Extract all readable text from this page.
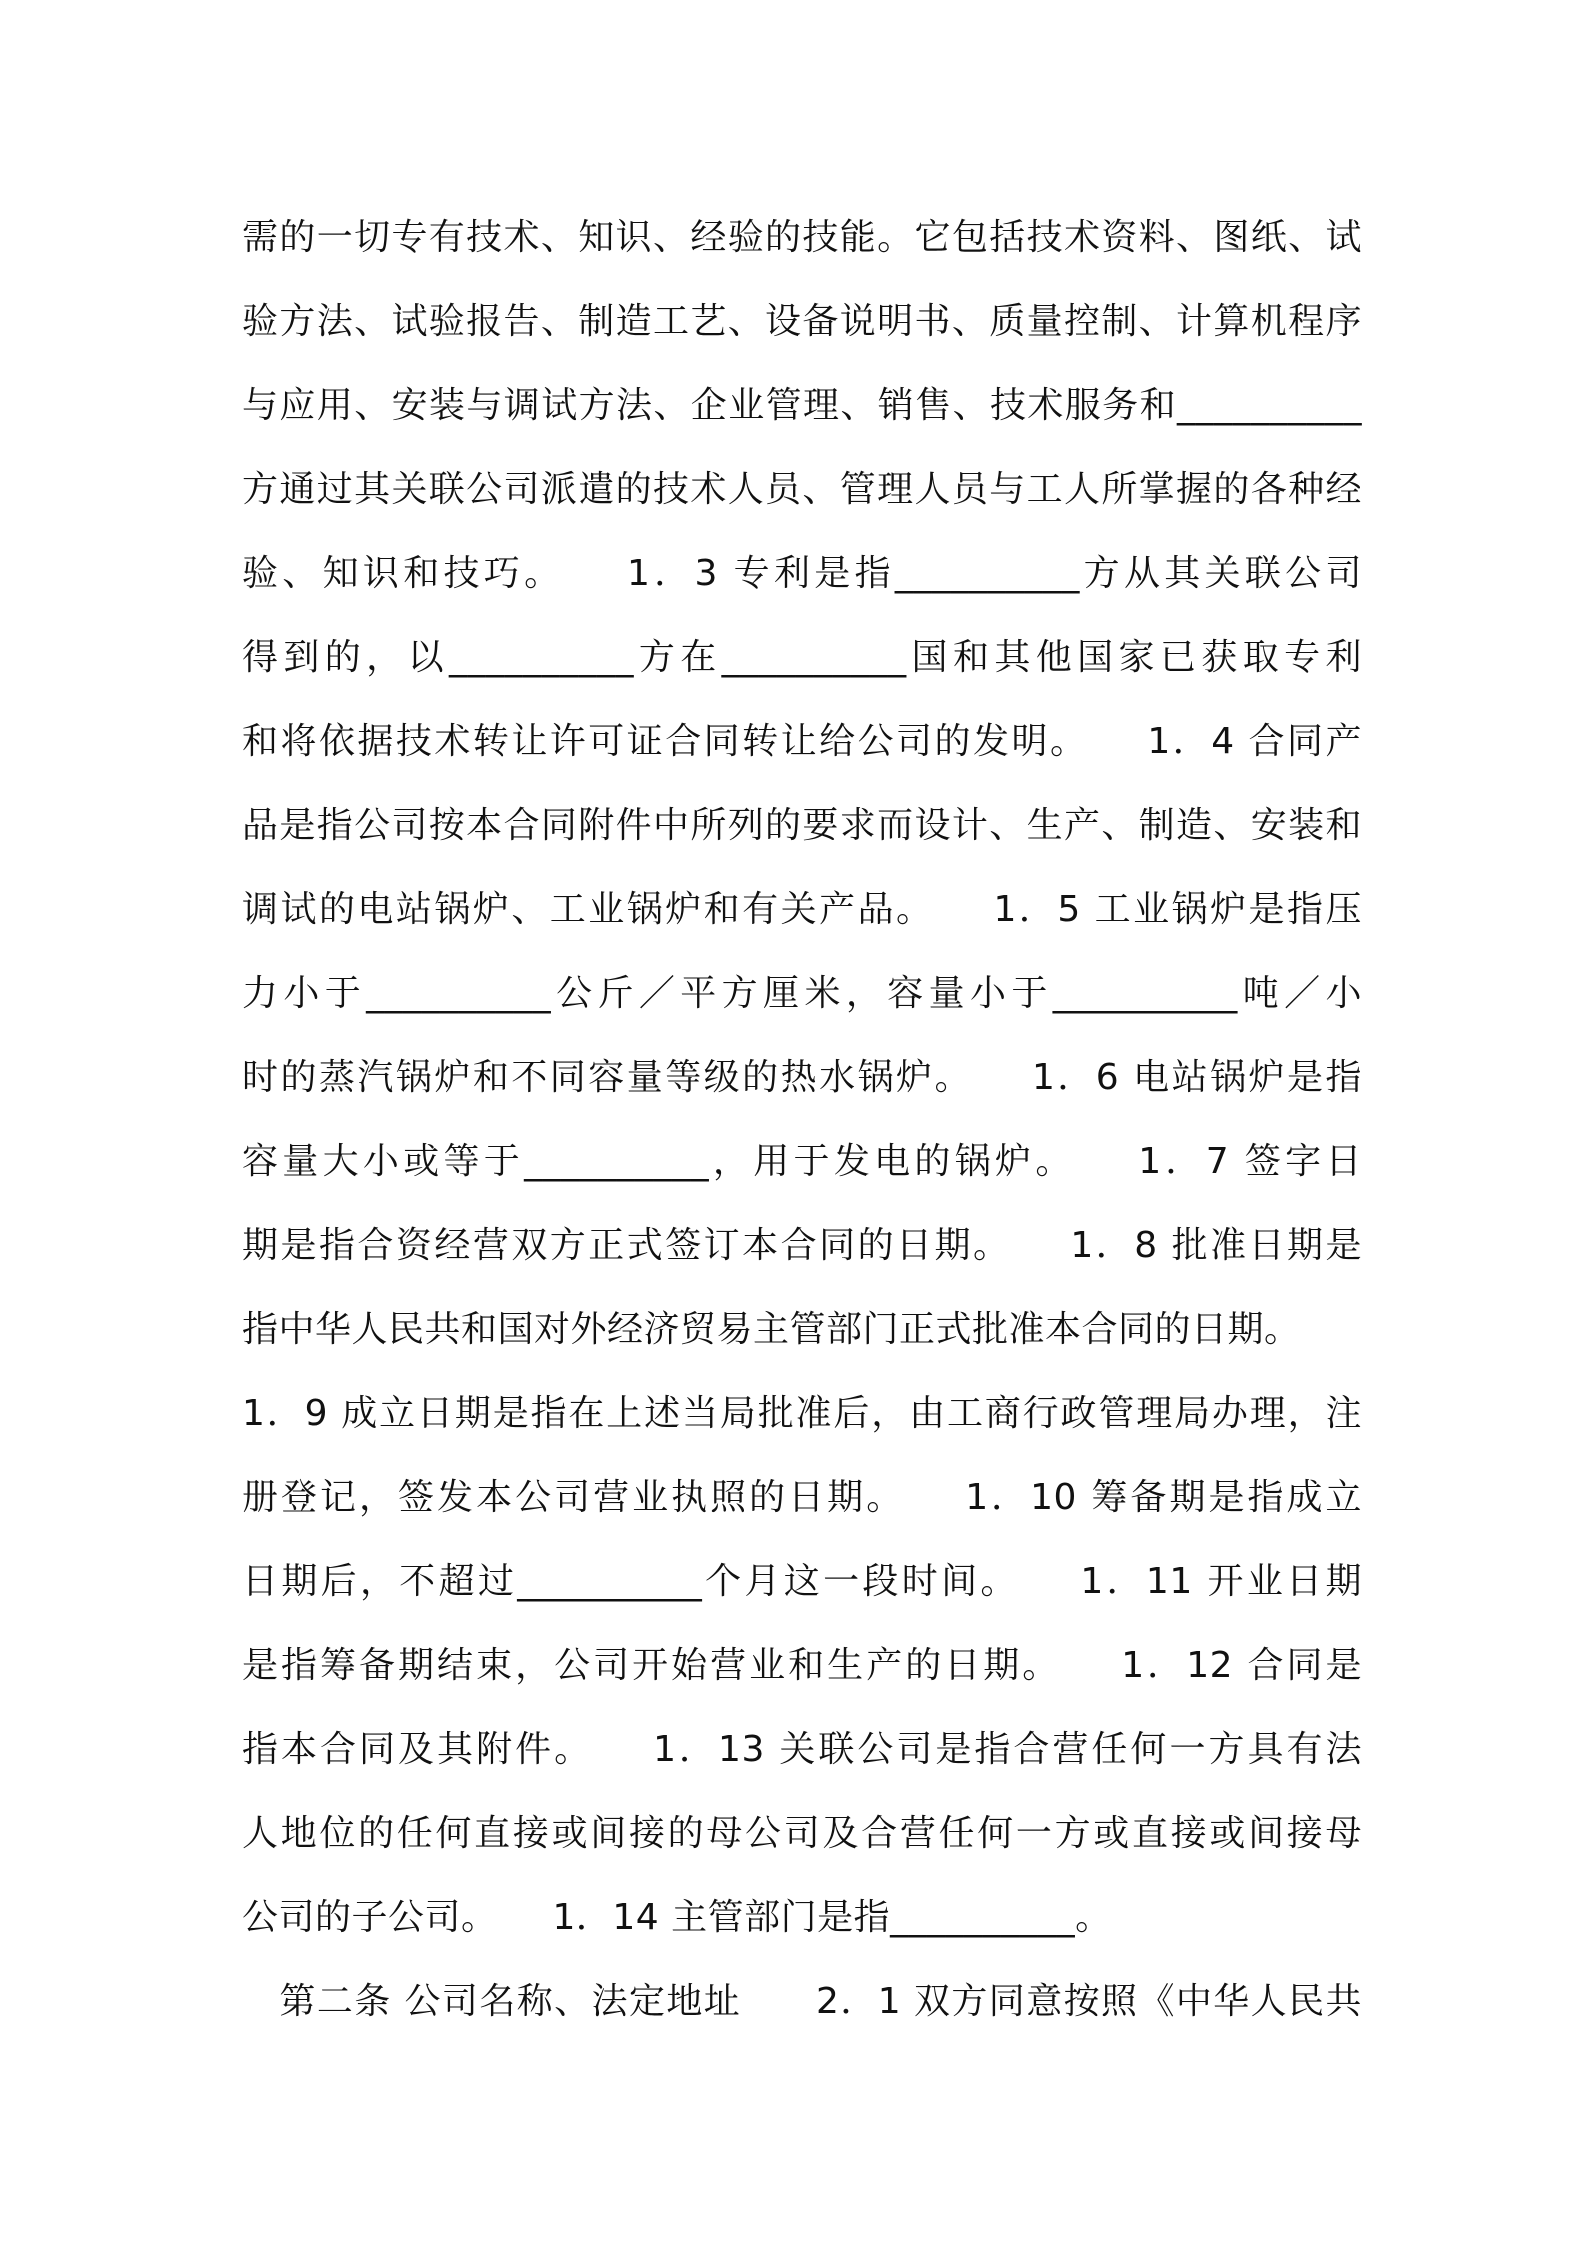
需的一切专有技术、知识、经验的技能。它包括技术资料、图纸、试
验方法、试验报告、制造工艺、设备说明书、质量控制、计算机程序
与应用、安装与调试方法、企业管理、销售、技术服务和__________
方通过其关联公司派遣的技术人员、管理人员与工人所掌握的各种经
验、知识和技巧。　　1．3 专利是指__________方从其关联公司
得到的，以__________方在__________国和其他国家已获取专利
和将依据技术转让许可证合同转让给公司的发明。　　1．4 合同产
品是指公司按本合同附件中所列的要求而设计、生产、制造、安装和
调试的电站锅炉、工业锅炉和有关产品。　　1．5 工业锅炉是指压
力小于__________公斤／平方厘米，容量小于__________吨／小
时的蒸汽锅炉和不同容量等级的热水锅炉。　　1．6 电站锅炉是指
容量大小或等于__________，用于发电的锅炉。　　1．7 签字日
期是指合资经营双方正式签订本合同的日期。　　1．8 批准日期是
指中华人民共和国对外经济贸易主管部门正式批准本合同的日期。
1．9 成立日期是指在上述当局批准后，由工商行政管理局办理，注
册登记，签发本公司营业执照的日期。　　1．10 筹备期是指成立
日期后，不超过__________个月这一段时间。　　1．11 开业日期
是指筹备期结束，公司开始营业和生产的日期。　　1．12 合同是
指本合同及其附件。　　1．13 关联公司是指合营任何一方具有法
人地位的任何直接或间接的母公司及合营任何一方或直接或间接母
公司的子公司。　　1．14 主管部门是指__________。
　第二条 公司名称、法定地址　　2．1 双方同意按照《中华人民共
